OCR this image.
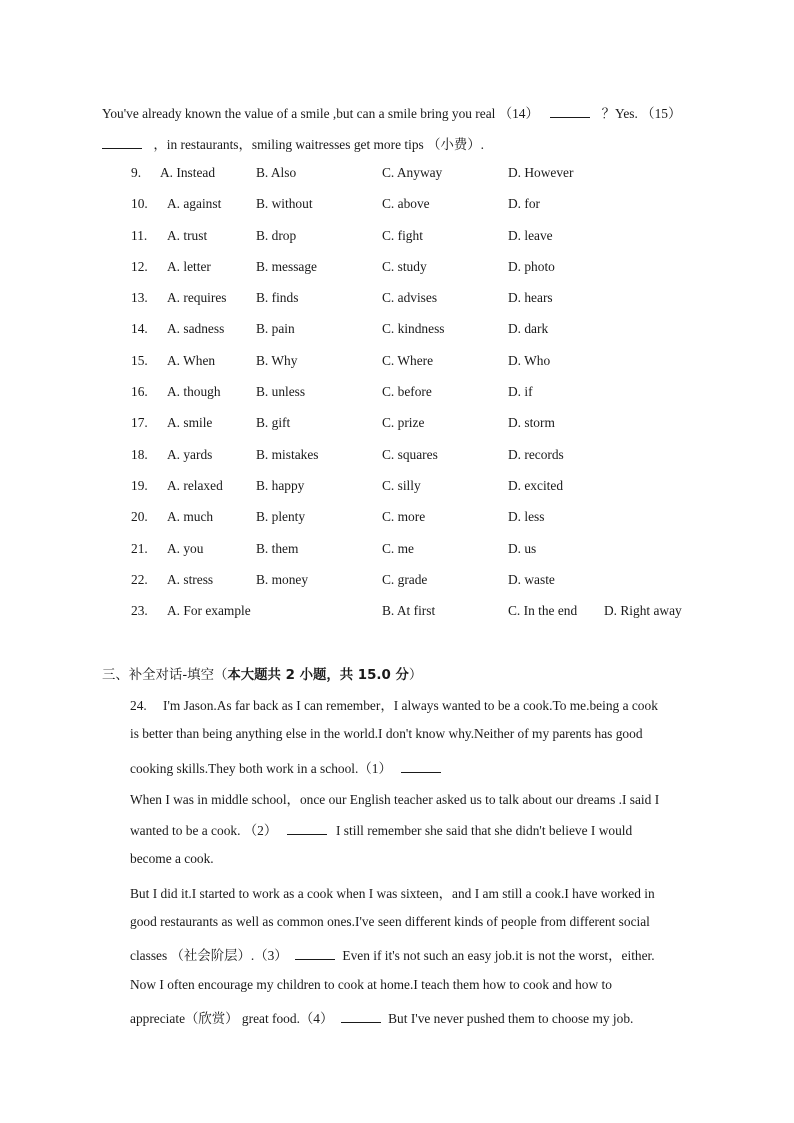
You've already known the value of a smile ,but can a smile bring you real （14）	？Yes. （15）
，in restaurants，smiling waitresses get more tips （小费）.
9. A. Instead	B. Also	C. Anyway	D. However
10. A. against	B. without	C. above	D. for
11. A. trust	B. drop	C. fight	D. leave
12. A. letter	B. message	C. study	D. photo
13. A. requires B. finds	C. advises	D. hears
14. A. sadness B. pain	C. kindness	D. dark
15. A. When	B. Why	C. Where	D. Who
16. A. though	B. unless	C. before	D. if
17. A. smile	B. gift	C. prize	D. storm
18. A. yards	B. mistakes	C. squares	D. records
19. A. relaxed B. happy	C. silly	D. excited
20. A. much	B. plenty	C. more	D. less
21. A. you	B. them	C. me	D. us
22. A. stress	B. money	C. grade	D. waste
23. A. For example	B. At first	C. In the end D. Right away
三、补全对话-填空（本大题共 2 小题，共 15.0 分）
24. I'm Jason.As far back as I can remember，I always wanted to be a cook.To me.being a cook
is better than being anything else in the world.I don't know why.Neither of my parents has good
cooking skills.They both work in a school.（1）
When I was in middle school，once our English teacher asked us to talk about our dreams .I said I
wanted to be a cook. （2）	I still remember she said that she didn't believe I would
become a cook.
But I did it.I started to work as a cook when I was sixteen，and I am still a cook.I have worked in
good restaurants as well as common ones.I've seen different kinds of people from different social
classes （社会阶层）.（3）	Even if it's not such an easy job.it is not the worst，either.
Now I often encourage my children to cook at home.I teach them how to cook and how to
appreciate（欣赏） great food.（4）	But I've never pushed them to choose my job.
